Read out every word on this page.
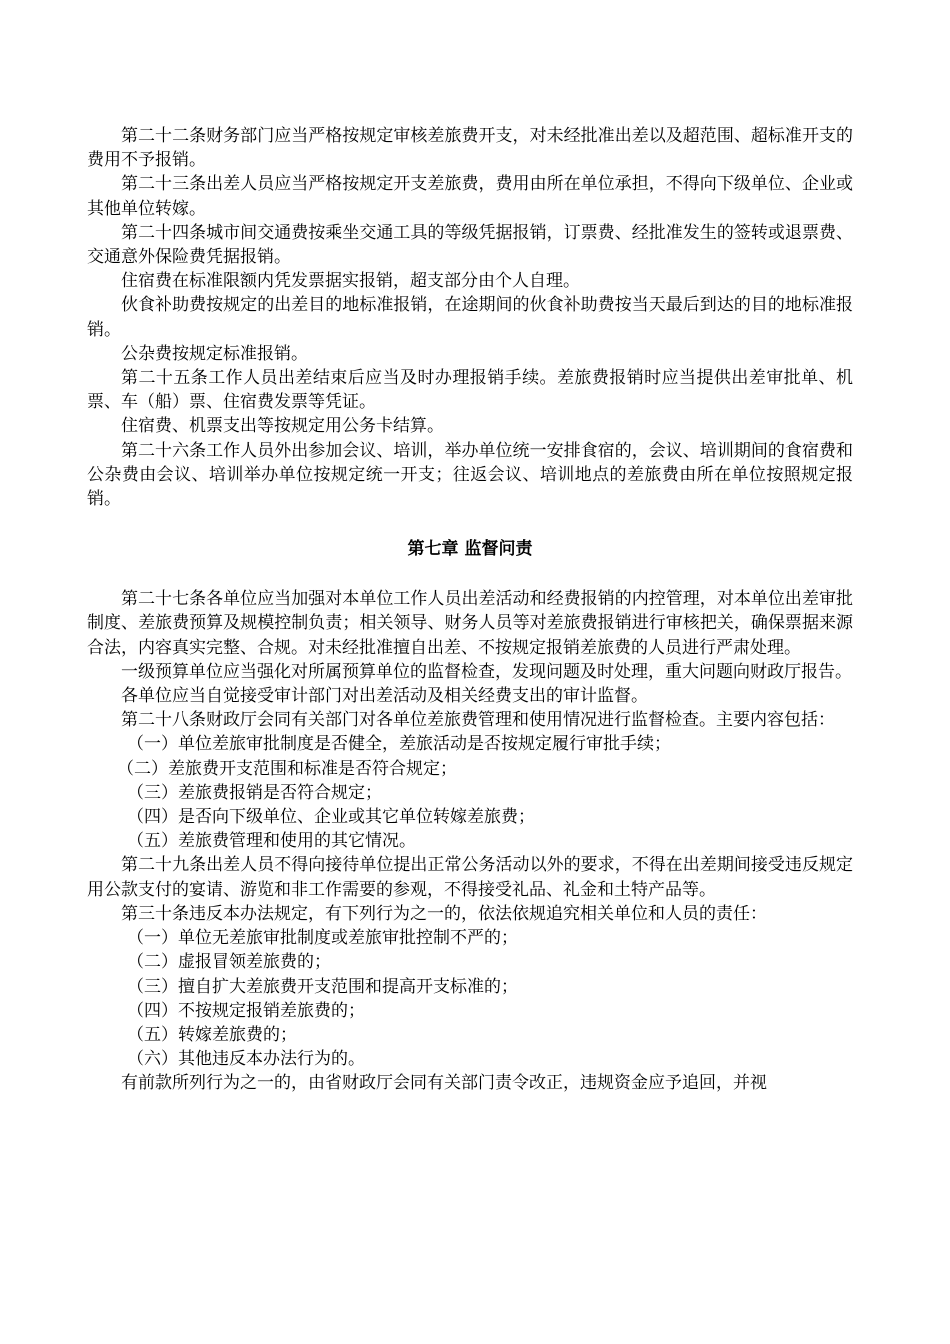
第二十二条财务部门应当严格按规定审核差旅费开支，对未经批准出差以及超范围、超标准开支的费用不予报销。

第二十三条出差人员应当严格按规定开支差旅费，费用由所在单位承担，不得向下级单位、企业或其他单位转嫁。

第二十四条城市间交通费按乘坐交通工具的等级凭据报销，订票费、经批准发生的签转或退票费、交通意外保险费凭据报销。

住宿费在标准限额内凭发票据实报销，超支部分由个人自理。

伙食补助费按规定的出差目的地标准报销，在途期间的伙食补助费按当天最后到达的目的地标准报销。

公杂费按规定标准报销。

第二十五条工作人员出差结束后应当及时办理报销手续。差旅费报销时应当提供出差审批单、机票、车（船）票、住宿费发票等凭证。

住宿费、机票支出等按规定用公务卡结算。

第二十六条工作人员外出参加会议、培训，举办单位统一安排食宿的，会议、培训期间的食宿费和公杂费由会议、培训举办单位按规定统一开支；往返会议、培训地点的差旅费由所在单位按照规定报销。

第七章 监督问责

第二十七条各单位应当加强对本单位工作人员出差活动和经费报销的内控管理，对本单位出差审批制度、差旅费预算及规模控制负责；相关领导、财务人员等对差旅费报销进行审核把关，确保票据来源合法，内容真实完整、合规。对未经批准擅自出差、不按规定报销差旅费的人员进行严肃处理。

一级预算单位应当强化对所属预算单位的监督检查，发现问题及时处理，重大问题向财政厅报告。

各单位应当自觉接受审计部门对出差活动及相关经费支出的审计监督。

第二十八条财政厅会同有关部门对各单位差旅费管理和使用情况进行监督检查。主要内容包括：

（一）单位差旅审批制度是否健全，差旅活动是否按规定履行审批手续；

（二）差旅费开支范围和标准是否符合规定；

（三）差旅费报销是否符合规定；

（四）是否向下级单位、企业或其它单位转嫁差旅费；

（五）差旅费管理和使用的其它情况。

第二十九条出差人员不得向接待单位提出正常公务活动以外的要求，不得在出差期间接受违反规定用公款支付的宴请、游览和非工作需要的参观，不得接受礼品、礼金和土特产品等。

第三十条违反本办法规定，有下列行为之一的，依法依规追究相关单位和人员的责任：

（一）单位无差旅审批制度或差旅审批控制不严的；

（二）虚报冒领差旅费的；

（三）擅自扩大差旅费开支范围和提高开支标准的；

（四）不按规定报销差旅费的；

（五）转嫁差旅费的；

（六）其他违反本办法行为的。

有前款所列行为之一的，由省财政厅会同有关部门责令改正，违规资金应予追回，并视
